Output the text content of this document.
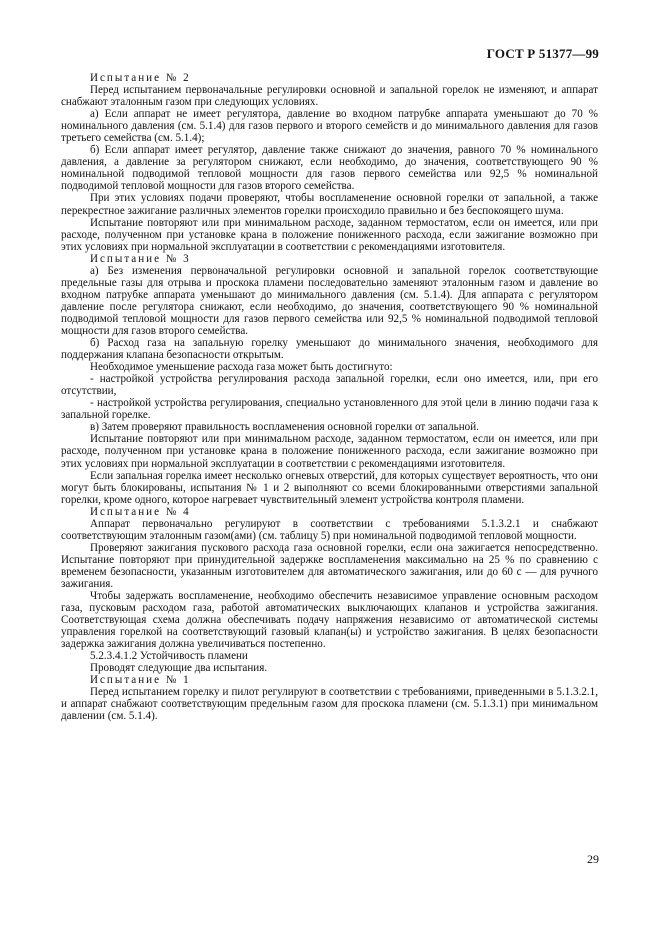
ГОСТ Р 51377—99

Испытание № 2

Перед испытанием первоначальные регулировки основной и запальной горелок не изменяют, и аппарат снабжают эталонным газом при следующих условиях.

а) Если аппарат не имеет регулятора, давление во входном патрубке аппарата уменьшают до 70 % номинального давления (см. 5.1.4) для газов первого и второго семейств и до минимального давления для газов третьего семейства (см. 5.1.4);

б) Если аппарат имеет регулятор, давление также снижают до значения, равного 70 % номинального давления, а давление за регулятором снижают, если необходимо, до значения, соответствующего 90 % номинальной подводимой тепловой мощности для газов первого семейства или 92,5 % номинальной подводимой тепловой мощности для газов второго семейства.

При этих условиях подачи проверяют, чтобы воспламенение основной горелки от запальной, а также перекрестное зажигание различных элементов горелки происходило правильно и без беспокоящего шума.

Испытание повторяют или при минимальном расходе, заданном термостатом, если он имеется, или при расходе, полученном при установке крана в положение пониженного расхода, если зажигание возможно при этих условиях при нормальной эксплуатации в соответствии с рекомендациями изготовителя.

Испытание № 3

а) Без изменения первоначальной регулировки основной и запальной горелок соответствующие предельные газы для отрыва и проскока пламени последовательно заменяют эталонным газом и давление во входном патрубке аппарата уменьшают до минимального давления (см. 5.1.4). Для аппарата с регулятором давление после регулятора снижают, если необходимо, до значения, соответствующего 90 % номинальной подводимой тепловой мощности для газов первого семейства или 92,5 % номинальной подводимой тепловой мощности для газов второго семейства.

б) Расход газа на запальную горелку уменьшают до минимального значения, необходимого для поддержания клапана безопасности открытым.

Необходимое уменьшение расхода газа может быть достигнуто:

- настройкой устройства регулирования расхода запальной горелки, если оно имеется, или, при его отсутствии,

- настройкой устройства регулирования, специально установленного для этой цели в линию подачи газа к запальной горелке.

в) Затем проверяют правильность воспламенения основной горелки от запальной.

Испытание повторяют или при минимальном расходе, заданном термостатом, если он имеется, или при расходе, полученном при установке крана в положение пониженного расхода, если зажигание возможно при этих условиях при нормальной эксплуатации в соответствии с рекомендациями изготовителя.

Если запальная горелка имеет несколько огневых отверстий, для которых существует вероятность, что они могут быть блокированы, испытания № 1 и 2 выполняют со всеми блокированными отверстиями запальной горелки, кроме одного, которое нагревает чувствительный элемент устройства контроля пламени.

Испытание № 4

Аппарат первоначально регулируют в соответствии с требованиями 5.1.3.2.1 и снабжают соответствующим эталонным газом(ами) (см. таблицу 5) при номинальной подводимой тепловой мощности.

Проверяют зажигания пускового расхода газа основной горелки, если она зажигается непосредственно. Испытание повторяют при принудительной задержке воспламенения максимально на 25 % по сравнению с временем безопасности, указанным изготовителем для автоматического зажигания, или до 60 с — для ручного зажигания.

Чтобы задержать воспламенение, необходимо обеспечить независимое управление основным расходом газа, пусковым расходом газа, работой автоматических выключающих клапанов и устройства зажигания. Соответствующая схема должна обеспечивать подачу напряжения независимо от автоматической системы управления горелкой на соответствующий газовый клапан(ы) и устройство зажигания. В целях безопасности задержка зажигания должна увеличиваться постепенно.

5.2.3.4.1.2 Устойчивость пламени

Проводят следующие два испытания.

Испытание № 1

Перед испытанием горелку и пилот регулируют в соответствии с требованиями, приведенными в 5.1.3.2.1, и аппарат снабжают соответствующим предельным газом для проскока пламени (см. 5.1.3.1) при минимальном давлении (см. 5.1.4).

29
